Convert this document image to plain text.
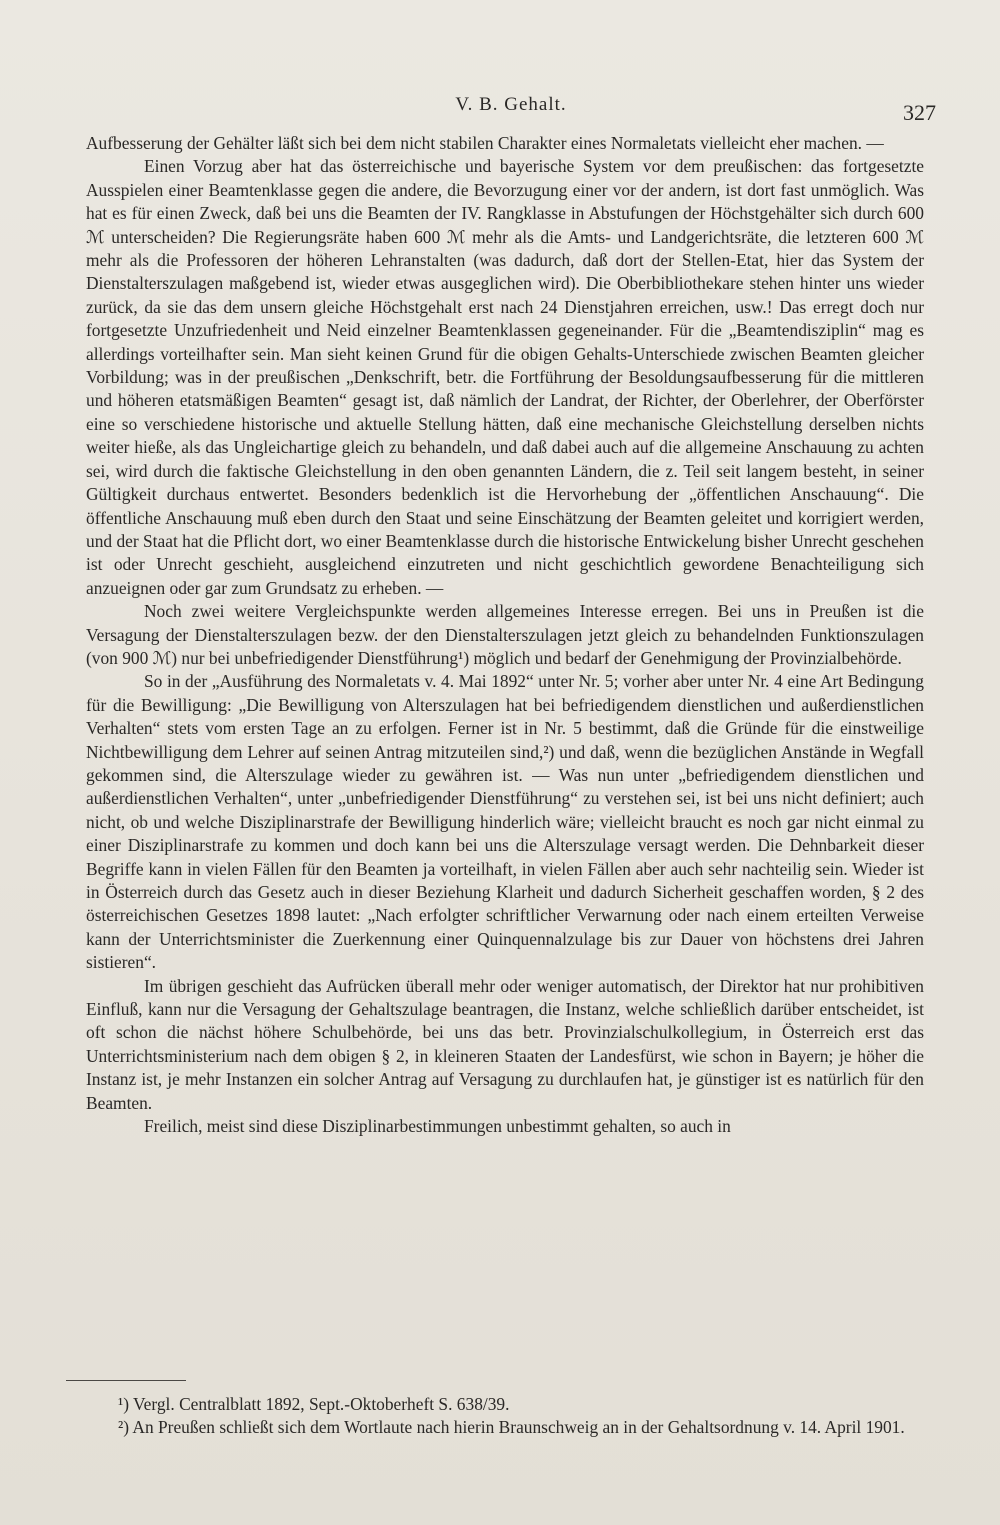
V. B. Gehalt.	327

Aufbesserung der Gehälter läßt sich bei dem nicht stabilen Charakter eines Normaletats vielleicht eher machen. —

Einen Vorzug aber hat das österreichische und bayerische System vor dem preußischen: das fortgesetzte Ausspielen einer Beamtenklasse gegen die andere, die Bevorzugung einer vor der andern, ist dort fast unmöglich. Was hat es für einen Zweck, daß bei uns die Beamten der IV. Rangklasse in Abstufungen der Höchstgehälter sich durch 600 ℳ unterscheiden? Die Regierungsräte haben 600 ℳ mehr als die Amts- und Landgerichtsräte, die letzteren 600 ℳ mehr als die Professoren der höheren Lehranstalten (was dadurch, daß dort der Stellen-Etat, hier das System der Dienstalterszulagen maßgebend ist, wieder etwas ausgeglichen wird). Die Oberbibliothekare stehen hinter uns wieder zurück, da sie das dem unsern gleiche Höchstgehalt erst nach 24 Dienstjahren erreichen, usw.! Das erregt doch nur fortgesetzte Unzufriedenheit und Neid einzelner Beamtenklassen gegeneinander. Für die „Beamtendisziplin“ mag es allerdings vorteilhafter sein. Man sieht keinen Grund für die obigen Gehalts-Unterschiede zwischen Beamten gleicher Vorbildung; was in der preußischen „Denkschrift, betr. die Fortführung der Besoldungsaufbesserung für die mittleren und höheren etatsmäßigen Beamten“ gesagt ist, daß nämlich der Landrat, der Richter, der Oberlehrer, der Oberförster eine so verschiedene historische und aktuelle Stellung hätten, daß eine mechanische Gleichstellung derselben nichts weiter hieße, als das Ungleichartige gleich zu behandeln, und daß dabei auch auf die allgemeine Anschauung zu achten sei, wird durch die faktische Gleichstellung in den oben genannten Ländern, die z. Teil seit langem besteht, in seiner Gültigkeit durchaus entwertet. Besonders bedenklich ist die Hervorhebung der „öffentlichen Anschauung“. Die öffentliche Anschauung muß eben durch den Staat und seine Einschätzung der Beamten geleitet und korrigiert werden, und der Staat hat die Pflicht dort, wo einer Beamtenklasse durch die historische Entwickelung bisher Unrecht geschehen ist oder Unrecht geschieht, ausgleichend einzutreten und nicht geschichtlich gewordene Benachteiligung sich anzueignen oder gar zum Grundsatz zu erheben. —

Noch zwei weitere Vergleichspunkte werden allgemeines Interesse erregen. Bei uns in Preußen ist die Versagung der Dienstalterszulagen bezw. der den Dienstalterszulagen jetzt gleich zu behandelnden Funktionszulagen (von 900 ℳ) nur bei unbefriedigender Dienstführung¹) möglich und bedarf der Genehmigung der Provinzialbehörde.

So in der „Ausführung des Normaletats v. 4. Mai 1892“ unter Nr. 5; vorher aber unter Nr. 4 eine Art Bedingung für die Bewilligung: „Die Bewilligung von Alterszulagen hat bei befriedigendem dienstlichen und außerdienstlichen Verhalten“ stets vom ersten Tage an zu erfolgen. Ferner ist in Nr. 5 bestimmt, daß die Gründe für die einstweilige Nichtbewilligung dem Lehrer auf seinen Antrag mitzuteilen sind,²) und daß, wenn die bezüglichen Anstände in Wegfall gekommen sind, die Alterszulage wieder zu gewähren ist. — Was nun unter „befriedigendem dienstlichen und außerdienstlichen Verhalten“, unter „unbefriedigender Dienstführung“ zu verstehen sei, ist bei uns nicht definiert; auch nicht, ob und welche Disziplinarstrafe der Bewilligung hinderlich wäre; vielleicht braucht es noch gar nicht einmal zu einer Disziplinarstrafe zu kommen und doch kann bei uns die Alterszulage versagt werden. Die Dehnbarkeit dieser Begriffe kann in vielen Fällen für den Beamten ja vorteilhaft, in vielen Fällen aber auch sehr nachteilig sein. Wieder ist in Österreich durch das Gesetz auch in dieser Beziehung Klarheit und dadurch Sicherheit geschaffen worden, § 2 des österreichischen Gesetzes 1898 lautet: „Nach erfolgter schriftlicher Verwarnung oder nach einem erteilten Verweise kann der Unterrichtsminister die Zuerkennung einer Quinquennalzulage bis zur Dauer von höchstens drei Jahren sistieren“.

Im übrigen geschieht das Aufrücken überall mehr oder weniger automatisch, der Direktor hat nur prohibitiven Einfluß, kann nur die Versagung der Gehaltszulage beantragen, die Instanz, welche schließlich darüber entscheidet, ist oft schon die nächst höhere Schulbehörde, bei uns das betr. Provinzialschulkollegium, in Österreich erst das Unterrichtsministerium nach dem obigen § 2, in kleineren Staaten der Landesfürst, wie schon in Bayern; je höher die Instanz ist, je mehr Instanzen ein solcher Antrag auf Versagung zu durchlaufen hat, je günstiger ist es natürlich für den Beamten.

Freilich, meist sind diese Disziplinarbestimmungen unbestimmt gehalten, so auch in

¹) Vergl. Centralblatt 1892, Sept.-Oktoberheft S. 638/39.

²) An Preußen schließt sich dem Wortlaute nach hierin Braunschweig an in der Gehaltsordnung v. 14. April 1901.
